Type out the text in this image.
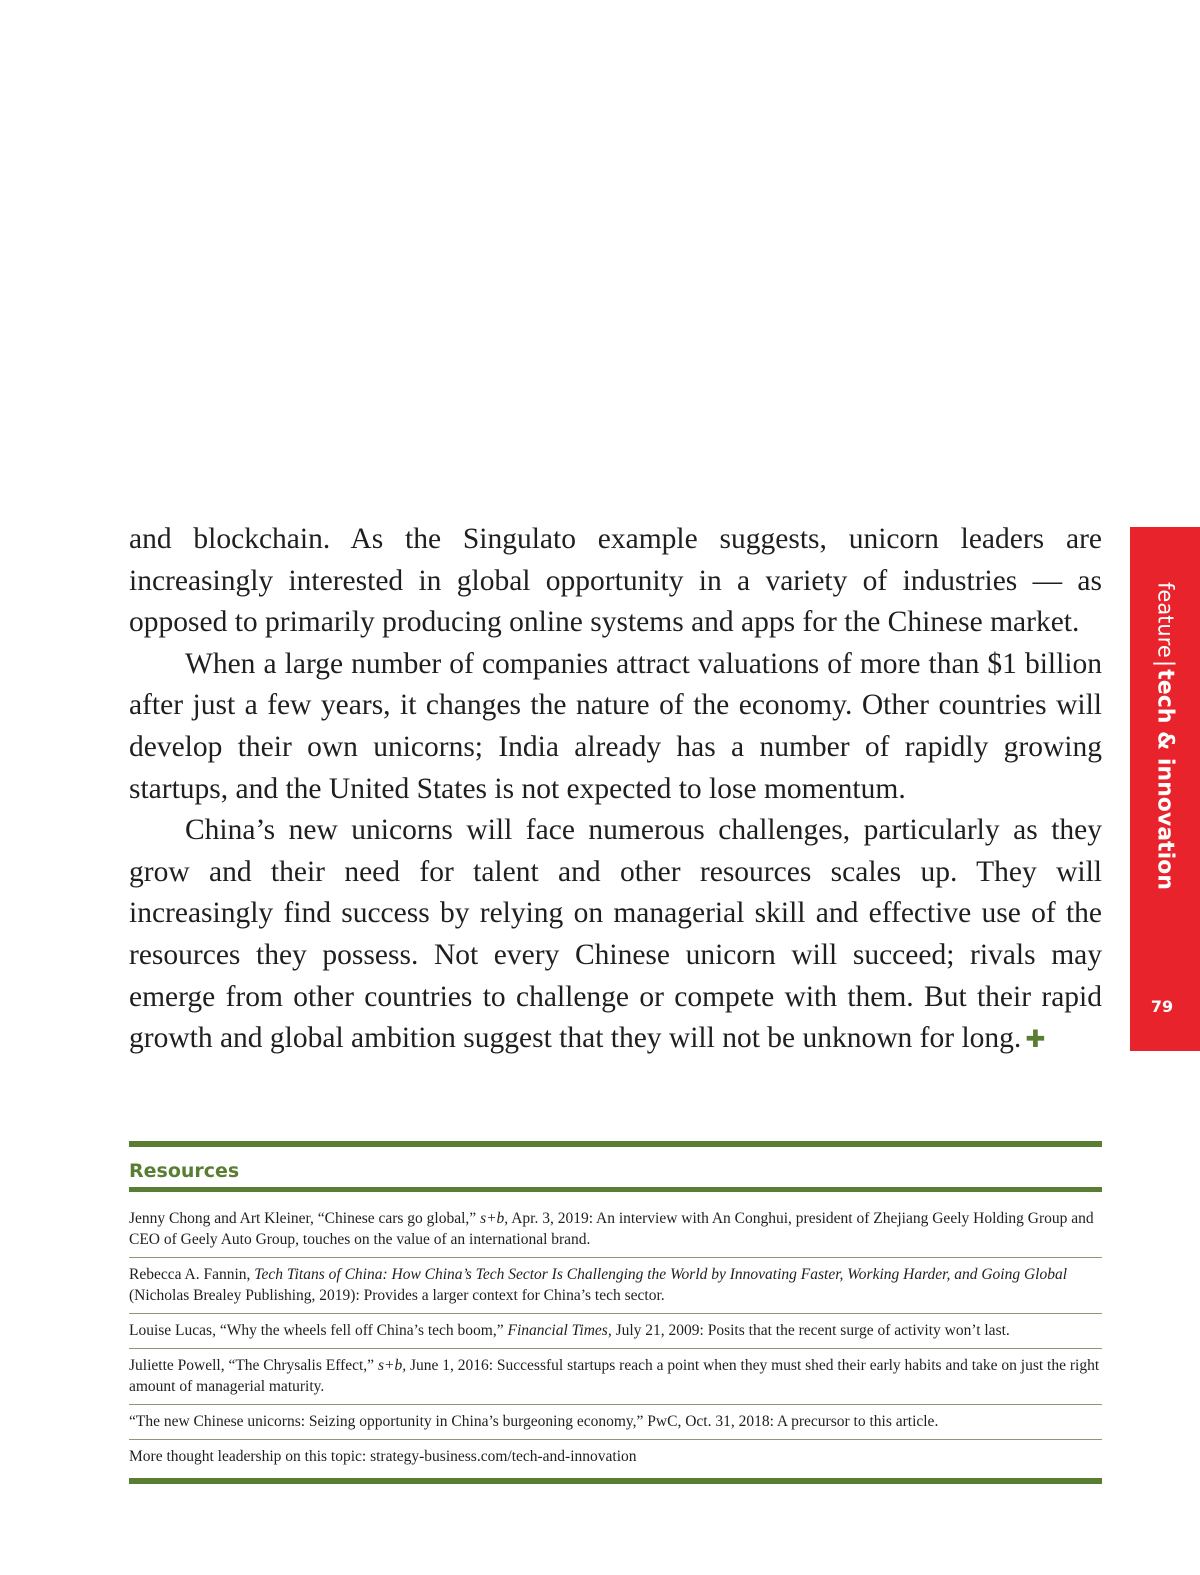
and blockchain. As the Singulato example suggests, unicorn leaders are increasingly interested in global opportunity in a variety of industries — as opposed to primarily producing online systems and apps for the Chinese market.

When a large number of companies attract valuations of more than $1 billion after just a few years, it changes the nature of the economy. Other countries will develop their own unicorns; India already has a number of rapidly growing startups, and the United States is not expected to lose momentum.

China’s new unicorns will face numerous challenges, particularly as they grow and their need for talent and other resources scales up. They will increasingly find success by relying on managerial skill and effective use of the resources they possess. Not every Chinese unicorn will succeed; rivals may emerge from other countries to challenge or compete with them. But their rapid growth and global ambition suggest that they will not be unknown for long. ✚

feature|tech & innovation
79
Resources
Jenny Chong and Art Kleiner, “Chinese cars go global,” s+b, Apr. 3, 2019: An interview with An Conghui, president of Zhejiang Geely Holding Group and CEO of Geely Auto Group, touches on the value of an international brand.
Rebecca A. Fannin, Tech Titans of China: How China’s Tech Sector Is Challenging the World by Innovating Faster, Working Harder, and Going Global (Nicholas Brealey Publishing, 2019): Provides a larger context for China’s tech sector.
Louise Lucas, “Why the wheels fell off China’s tech boom,” Financial Times, July 21, 2009: Posits that the recent surge of activity won’t last.
Juliette Powell, “The Chrysalis Effect,” s+b, June 1, 2016: Successful startups reach a point when they must shed their early habits and take on just the right amount of managerial maturity.
“The new Chinese unicorns: Seizing opportunity in China’s burgeoning economy,” PwC, Oct. 31, 2018: A precursor to this article.
More thought leadership on this topic: strategy-business.com/tech-and-innovation
